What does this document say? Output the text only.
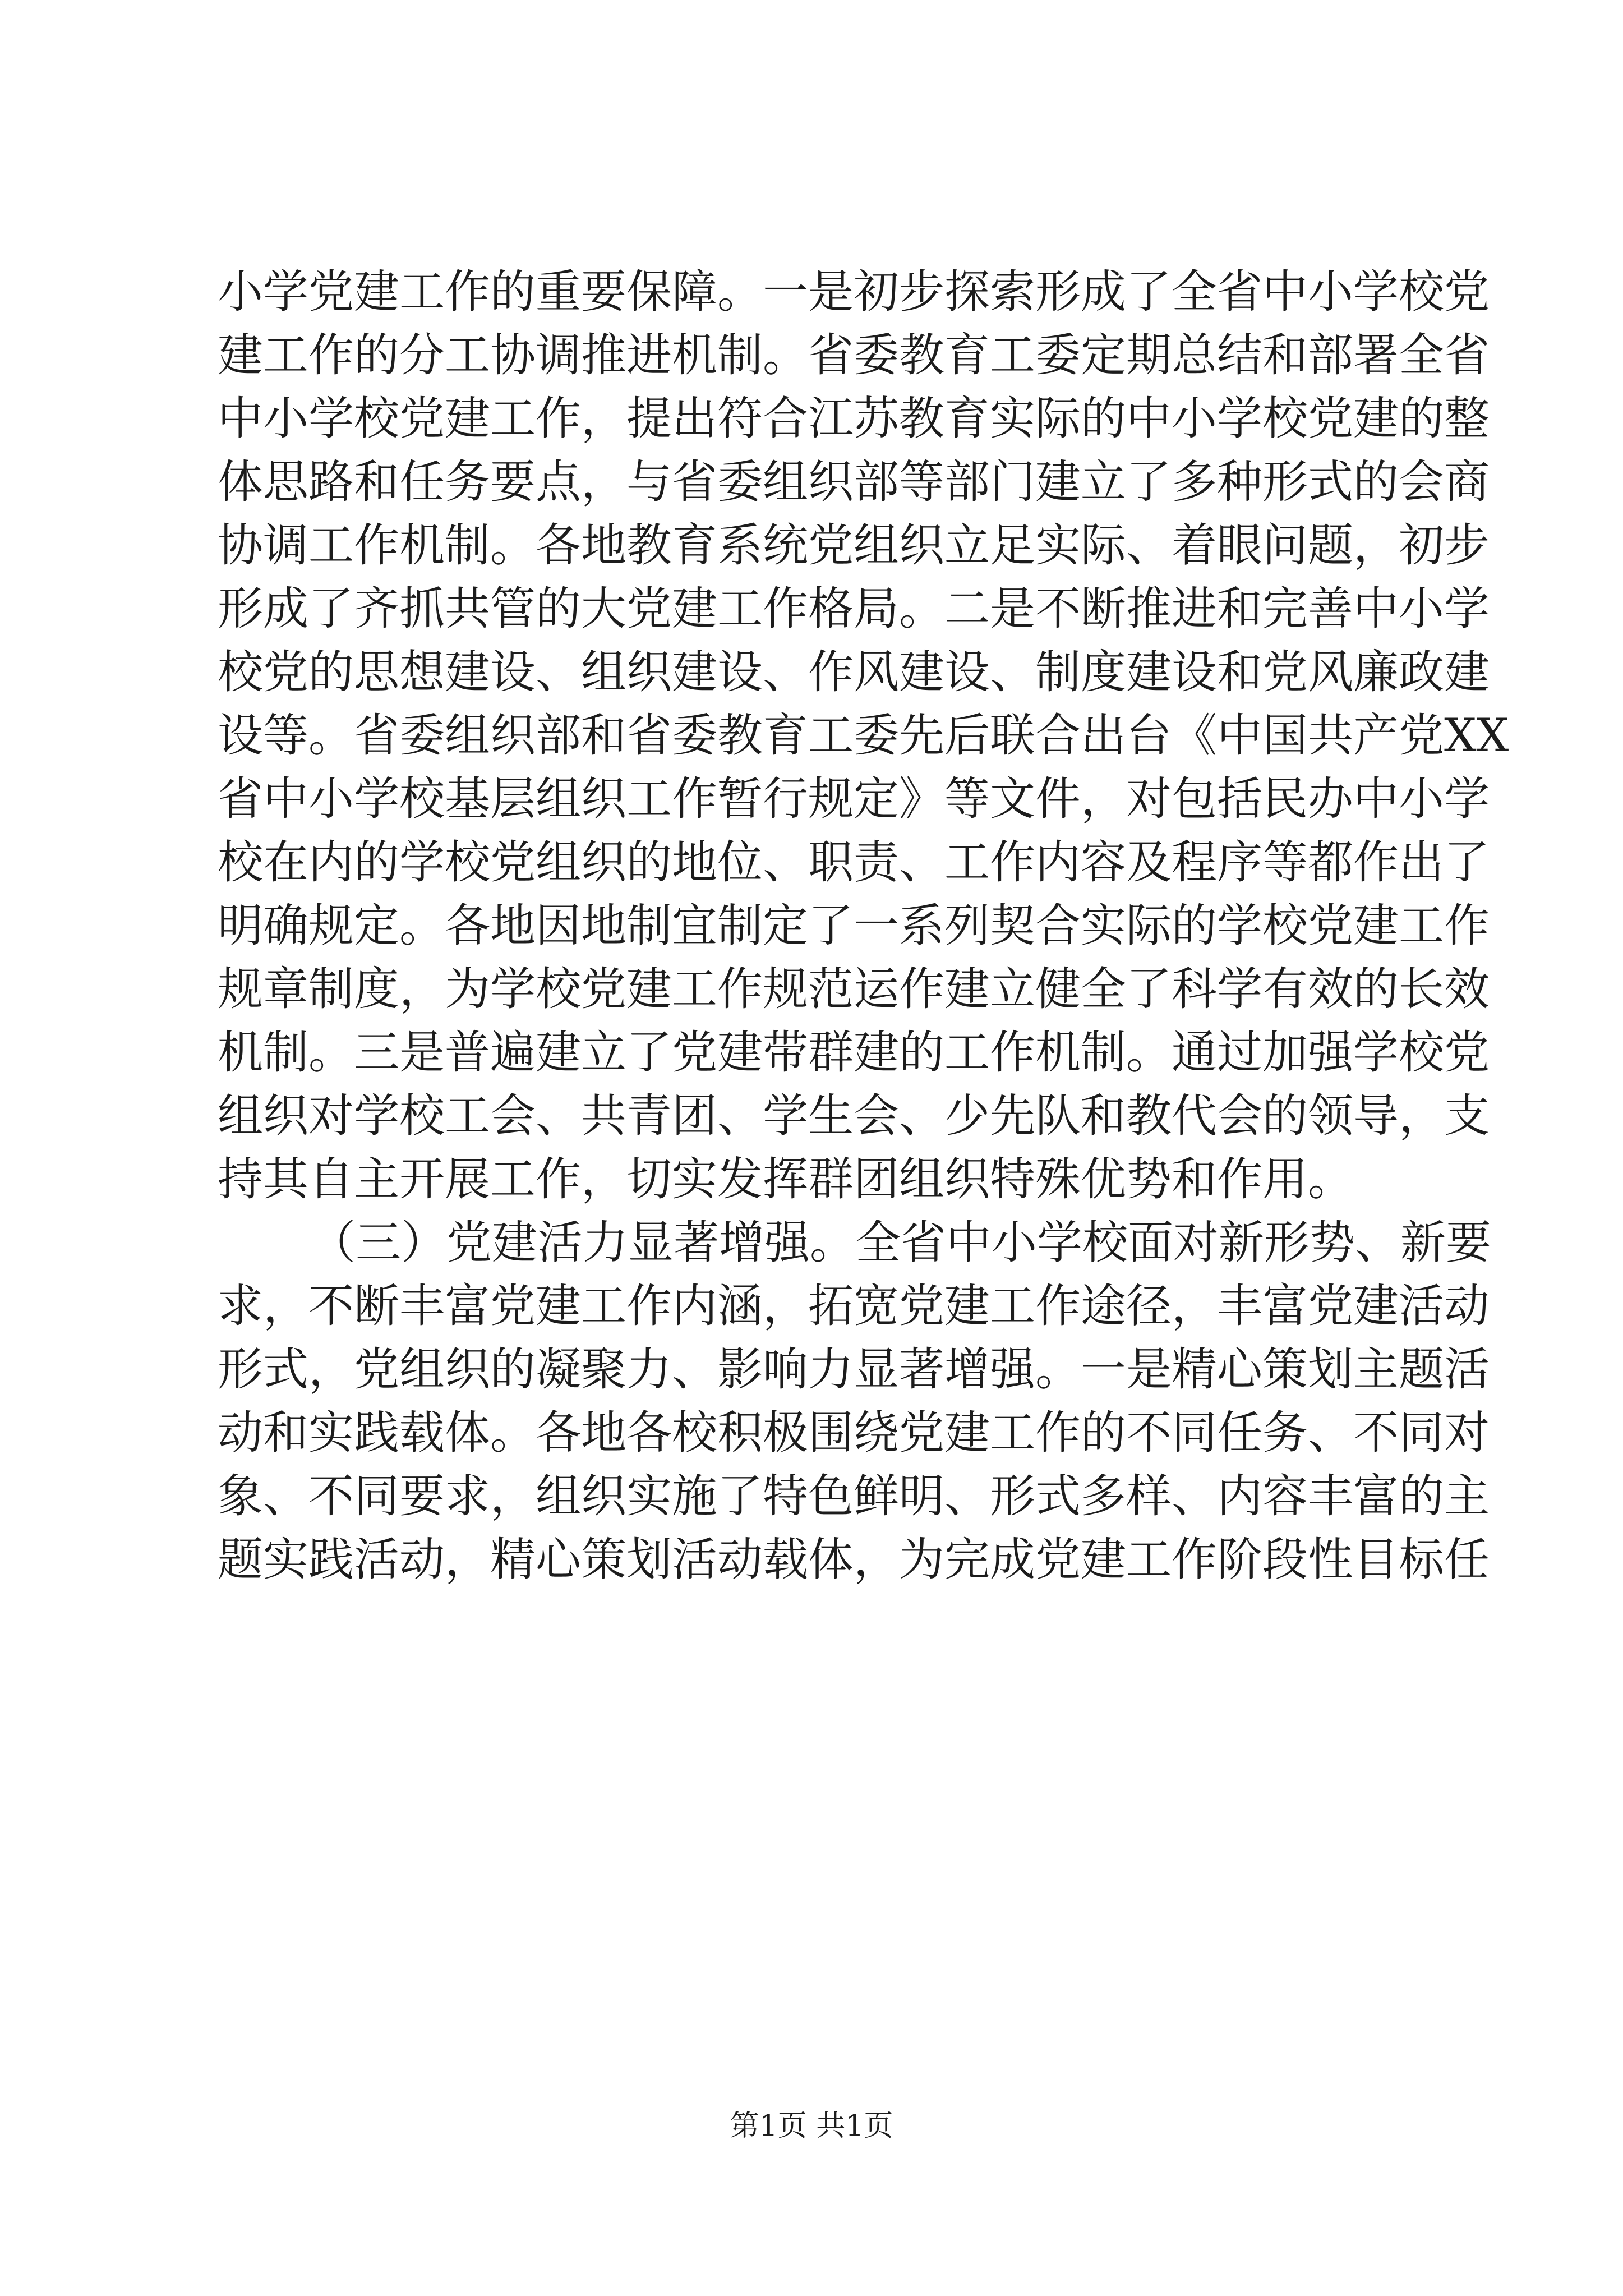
小学党建工作的重要保障。一是初步探索形成了全省中小学校党
建工作的分工协调推进机制。省委教育工委定期总结和部署全省
中小学校党建工作，提出符合江苏教育实际的中小学校党建的整
体思路和任务要点，与省委组织部等部门建立了多种形式的会商
协调工作机制。各地教育系统党组织立足实际、着眼问题，初步
形成了齐抓共管的大党建工作格局。二是不断推进和完善中小学
校党的思想建设、组织建设、作风建设、制度建设和党风廉政建
设等。省委组织部和省委教育工委先后联合出台《中国共产党XX
省中小学校基层组织工作暂行规定》等文件，对包括民办中小学
校在内的学校党组织的地位、职责、工作内容及程序等都作出了
明确规定。各地因地制宜制定了一系列契合实际的学校党建工作
规章制度，为学校党建工作规范运作建立健全了科学有效的长效
机制。三是普遍建立了党建带群建的工作机制。通过加强学校党
组织对学校工会、共青团、学生会、少先队和教代会的领导，支
持其自主开展工作，切实发挥群团组织特殊优势和作用。
（三）党建活力显著增强。全省中小学校面对新形势、新要
求，不断丰富党建工作内涵，拓宽党建工作途径，丰富党建活动
形式，党组织的凝聚力、影响力显著增强。一是精心策划主题活
动和实践载体。各地各校积极围绕党建工作的不同任务、不同对
象、不同要求，组织实施了特色鲜明、形式多样、内容丰富的主
题实践活动，精心策划活动载体，为完成党建工作阶段性目标任
第1页 共1页
